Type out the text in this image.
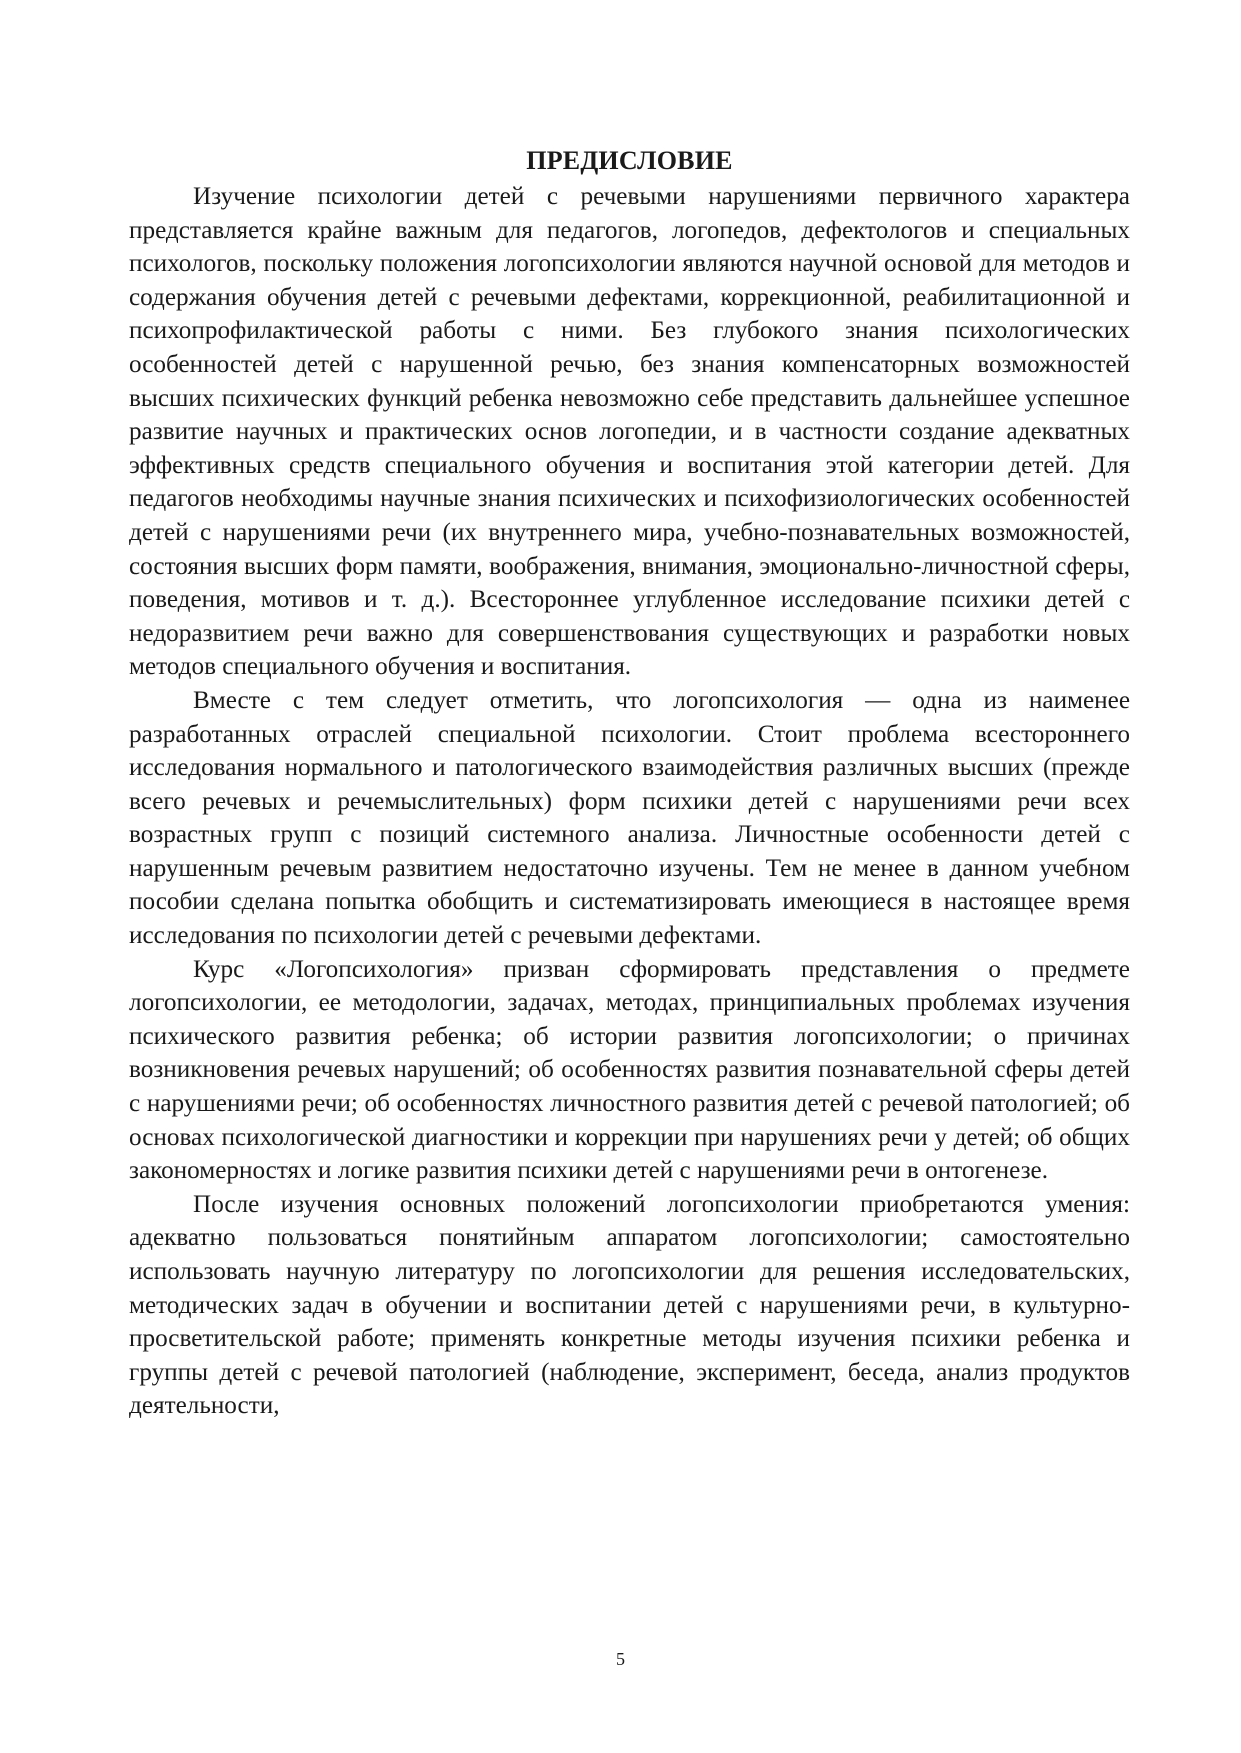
ПРЕДИСЛОВИЕ

Изучение психологии детей с речевыми нарушениями первичного характера представляется крайне важным для педагогов, логопедов, дефектологов и специальных психологов, поскольку положения логопсихологии являются научной основой для методов и содержания обучения детей с речевыми дефектами, коррекционной, реабилитационной и психопрофилактической работы с ними. Без глубокого знания психологических особенностей детей с нарушенной речью, без знания компенсаторных возможностей высших психических функций ребенка невозможно себе представить дальнейшее успешное развитие научных и практических основ логопедии, и в частности создание адекватных эффективных средств специального обучения и воспитания этой категории детей. Для педагогов необходимы научные знания психических и психофизиологических особенностей детей с нарушениями речи (их внутреннего мира, учебно-познавательных возможностей, состояния высших форм памяти, воображения, внимания, эмоционально-личностной сферы, поведения, мотивов и т. д.). Всестороннее углубленное исследование психики детей с недоразвитием речи важно для совершенствования существующих и разработки новых методов специального обучения и воспитания.

Вместе с тем следует отметить, что логопсихология — одна из наименее разработанных отраслей специальной психологии. Стоит проблема всестороннего исследования нормального и патологического взаимодействия различных высших (прежде всего речевых и речемыслительных) форм психики детей с нарушениями речи всех возрастных групп с позиций системного анализа. Личностные особенности детей с нарушенным речевым развитием недостаточно изучены. Тем не менее в данном учебном пособии сделана попытка обобщить и систематизировать имеющиеся в настоящее время исследования по психологии детей с речевыми дефектами.

Курс «Логопсихология» призван сформировать представления о предмете логопсихологии, ее методологии, задачах, методах, принципиальных проблемах изучения психического развития ребенка; об истории развития логопсихологии; о причинах возникновения речевых нарушений; об особенностях развития познавательной сферы детей с нарушениями речи; об особенностях личностного развития детей с речевой патологией; об основах психологической диагностики и коррекции при нарушениях речи у детей; об общих закономерностях и логике развития психики детей с нарушениями речи в онтогенезе.

После изучения основных положений логопсихологии приобретаются умения: адекватно пользоваться понятийным аппаратом логопсихологии; самостоятельно использовать научную литературу по логопсихологии для решения исследовательских, методических задач в обучении и воспитании детей с нарушениями речи, в культурно-просветительской работе; применять конкретные методы изучения психики ребенка и группы детей с речевой патологией (наблюдение, эксперимент, беседа, анализ продуктов деятельности,

5
